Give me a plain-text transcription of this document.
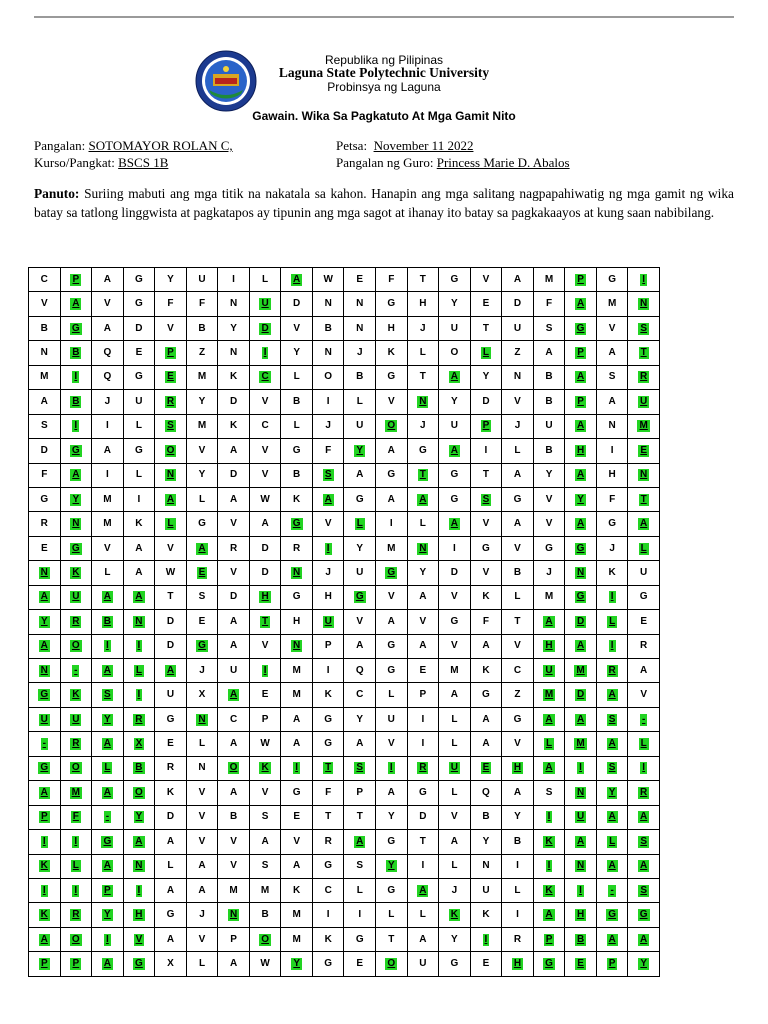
Republika ng Pilipinas
Laguna State Polytechnic University
Probinsya ng Laguna
Gawain. Wika Sa Pagkatuto At Mga Gamit Nito
Pangalan: SOTOMAYOR ROLAN C,	Petsa: November 11 2022
Kurso/Pangkat: BSCS 1B	Pangalan ng Guro: Princess Marie D. Abalos
Panuto: Suriing mabuti ang mga titik na nakatala sa kahon. Hanapin ang mga salitang nagpapahiwatig ng mga gamit ng wika batay sa tatlong linggwista at pagkatapos ay tipunin ang mga sagot at ihanay ito batay sa pagkakaayos at kung saan nabibilang.
C	P	A	G	Y	U	I	L	A	W	E	F	T	G	V	A	M	P	G	I
V	A	V	G	F	F	N	U	D	N	N	G	H	Y	E	D	F	A	M	N
B	G	A	D	V	B	Y	D	V	B	N	H	J	U	T	U	S	G	V	S
N	B	Q	E	P	Z	N	I	Y	N	J	K	L	O	L	Z	A	P	A	T
M	I	Q	G	E	M	K	C	L	O	B	G	T	A	Y	N	B	A	S	R
A	B	J	U	R	Y	D	V	B	I	L	V	N	Y	D	V	B	P	A	U
S	I	I	L	S	M	K	C	L	J	U	O	J	U	P	J	U	A	N	M
D	G	A	G	O	V	A	V	G	F	Y	A	G	A	I	L	B	H	I	E
F	A	I	L	N	Y	D	V	B	S	A	G	T	G	T	A	Y	A	H	N
G	Y	M	I	A	L	A	W	K	A	G	A	A	G	S	G	V	Y	F	T
R	N	M	K	L	G	V	A	G	V	L	I	L	A	V	A	V	A	G	A
E	G	V	A	V	A	R	D	R	I	Y	M	N	I	G	V	G	G	J	L
N	K	L	A	W	E	V	D	N	J	U	G	Y	D	V	B	J	N	K	U
A	U	A	A	T	S	D	H	G	H	G	V	A	V	K	L	M	G	I	G
Y	R	B	N	D	E	A	T	H	U	V	A	V	G	F	T	A	D	L	E
A	O	I	I	D	G	A	V	N	P	A	G	A	V	A	V	H	A	I	R
N	-	A	L	A	J	U	I	M	I	Q	G	E	M	K	C	U	M	R	A
G	K	S	I	U	X	A	E	M	K	C	L	P	A	G	Z	M	D	A	V
U	U	Y	R	G	N	C	P	A	G	Y	U	I	L	A	G	A	A	S	-
-	R	A	X	E	L	A	W	A	G	A	V	I	L	A	V	L	M	A	L
G	O	L	B	R	N	O	K	I	T	S	I	R	U	E	H	A	I	S	I
A	M	A	O	K	V	A	V	G	F	P	A	G	L	Q	A	S	N	Y	R
P	F	-	Y	D	V	B	S	E	T	T	Y	D	V	B	Y	I	U	A	A
I	I	G	A	A	V	V	A	V	R	A	G	T	A	Y	B	K	A	L	S
K	L	A	N	L	A	V	S	A	G	S	Y	I	L	N	I	I	N	A	A
I	I	P	I	A	A	M	M	K	C	L	G	A	J	U	L	K	I	-	S
K	R	Y	H	G	J	N	B	M	I	I	L	L	K	K	I	A	H	G	G
A	O	I	V	A	V	P	O	M	K	G	T	A	Y	I	R	P	B	A	A
P	P	A	G	X	L	A	W	Y	G	E	O	U	G	E	H	G	E	P	Y
